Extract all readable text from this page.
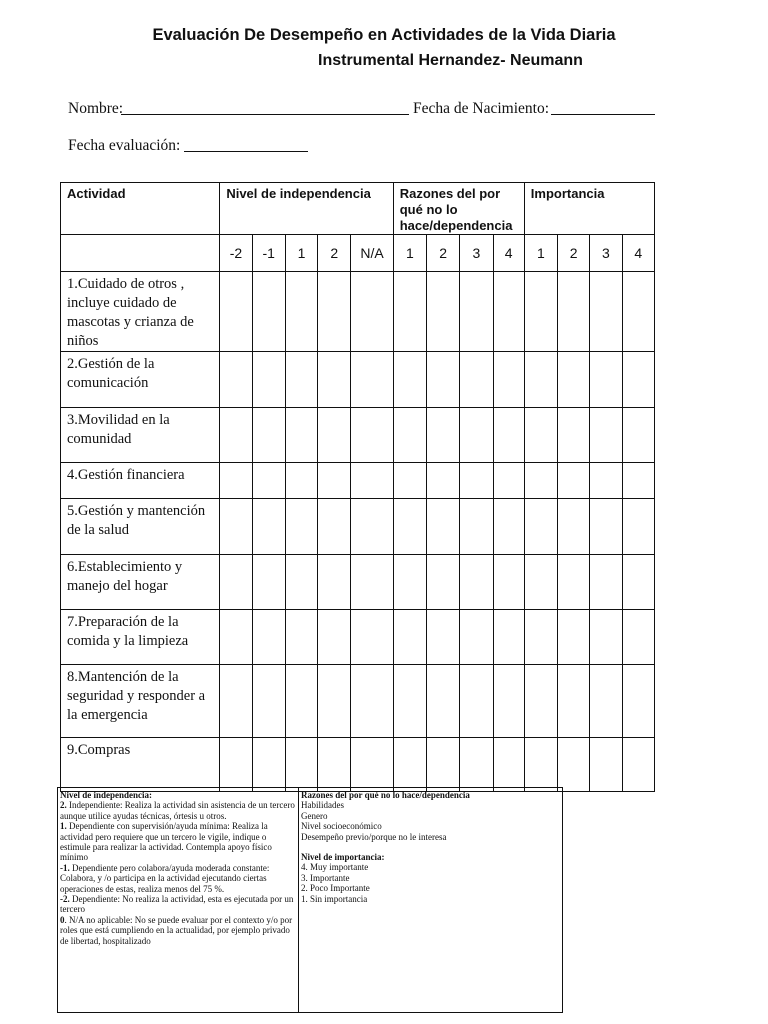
Evaluación De Desempeño en Actividades de la Vida Diaria
Instrumental Hernandez- Neumann
Nombre:	Fecha de Nacimiento:
Fecha evaluación:
Actividad	Nivel de independencia					Razones del por qué no lo hace/dependencia				Importancia			
	-2	-1	1	2	N/A	1	2	3	4	1	2	3	4
1.Cuidado de otros , incluye cuidado de mascotas y crianza de niños													
2.Gestión de la comunicación													
3.Movilidad en la comunidad													
4.Gestión financiera													
5.Gestión y mantención de la salud													
6.Establecimiento y manejo del hogar													
7.Preparación de la comida y la limpieza													
8.Mantención de la seguridad y responder a la emergencia													
9.Compras													

Nivel de independencia:

2. Independiente: Realiza la actividad sin asistencia de un tercero aunque utilice ayudas técnicas, órtesis u otros.

1. Dependiente con supervisión/ayuda mínima: Realiza la actividad pero requiere que un tercero le vigile, indique o estimule para realizar la actividad. Contempla apoyo físico mínimo

-1. Dependiente pero colabora/ayuda moderada constante: Colabora, y /o participa en la actividad ejecutando ciertas operaciones de estas, realiza menos del 75 %.

-2. Dependiente: No realiza la actividad, esta es ejecutada por un tercero

0. N/A no aplicable: No se puede evaluar por el contexto y/o por roles que está cumpliendo en la actualidad, por ejemplo privado de libertad, hospitalizado

Razones del por qué no lo hace/dependencia

Habilidades

Genero

Nivel socioeconómico

Desempeño previo/porque no le interesa

Nivel de importancia:

4. Muy importante

3. Importante

2. Poco Importante

1. Sin importancia
